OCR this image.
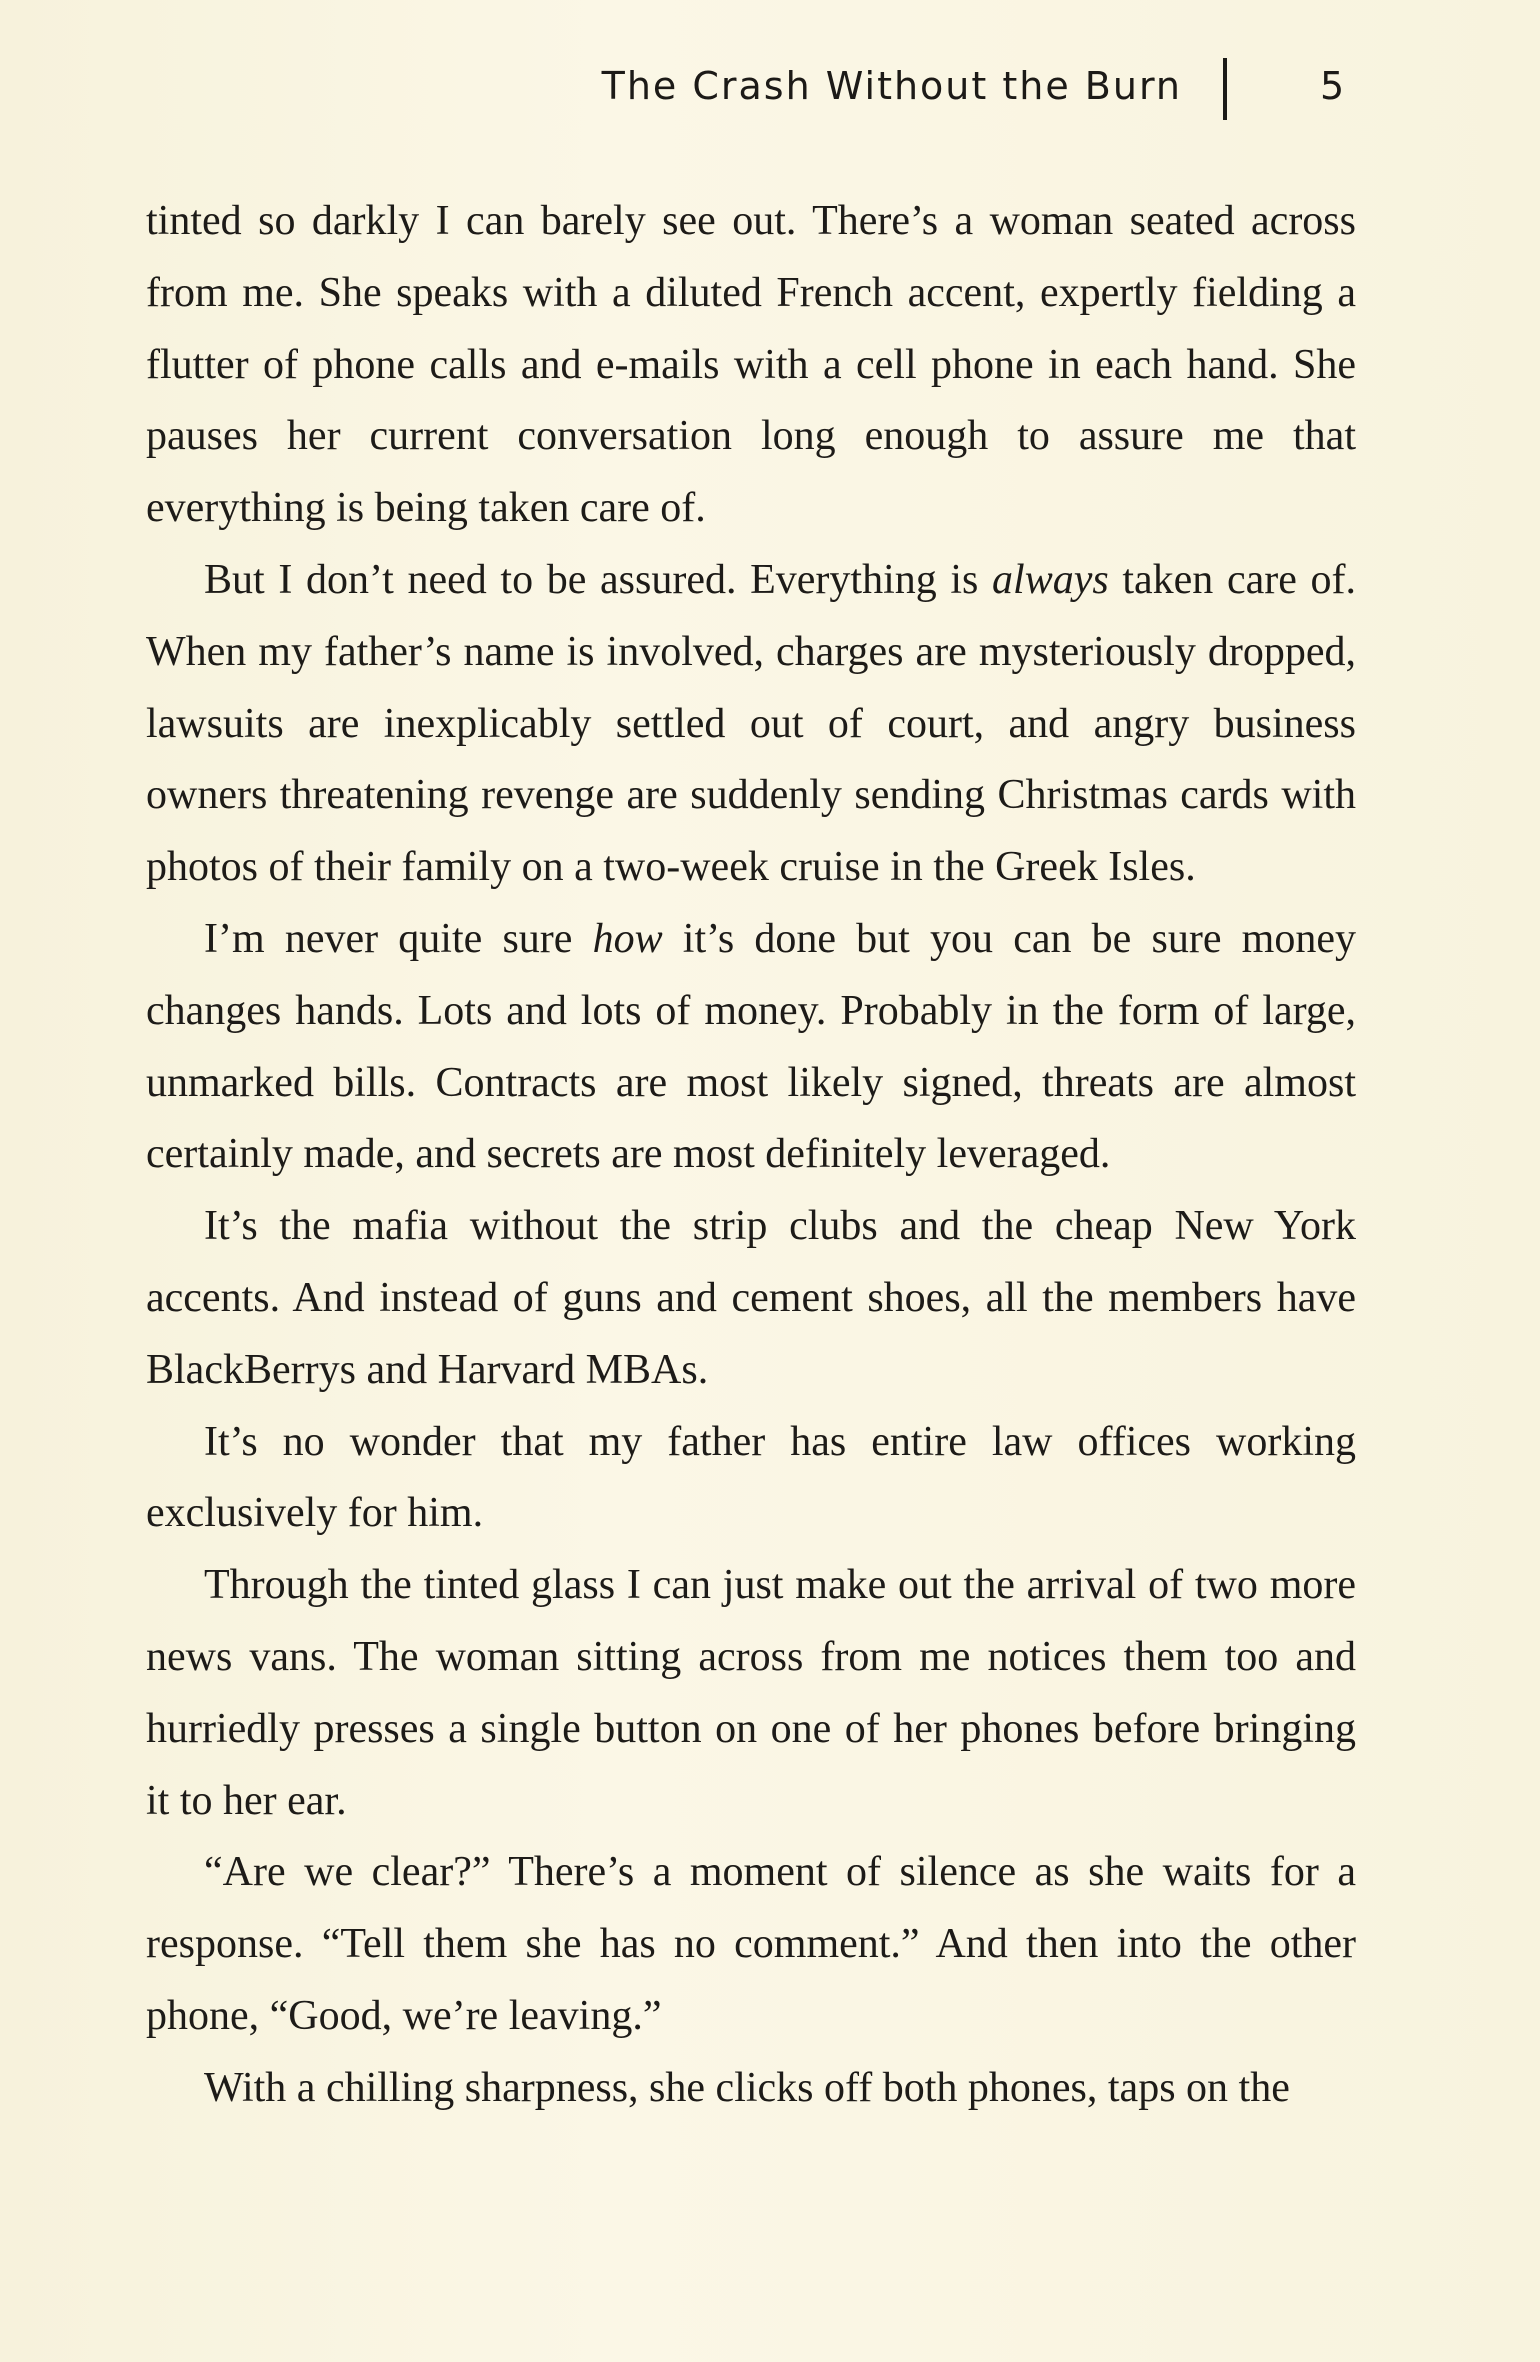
The Crash Without the Burn	5

tinted so darkly I can barely see out. There’s a woman seated across from me. She speaks with a diluted French accent, expertly fielding a flutter of phone calls and e-mails with a cell phone in each hand. She pauses her current conversation long enough to assure me that everything is being taken care of.

But I don’t need to be assured. Everything is always taken care of. When my father’s name is involved, charges are mysteriously dropped, lawsuits are inexplicably settled out of court, and angry business owners threatening revenge are suddenly sending Christmas cards with photos of their family on a two-week cruise in the Greek Isles.

I’m never quite sure how it’s done but you can be sure money changes hands. Lots and lots of money. Probably in the form of large, unmarked bills. Contracts are most likely signed, threats are almost certainly made, and secrets are most definitely leveraged.

It’s the mafia without the strip clubs and the cheap New York accents. And instead of guns and cement shoes, all the members have BlackBerrys and Harvard MBAs.

It’s no wonder that my father has entire law offices working exclusively for him.

Through the tinted glass I can just make out the arrival of two more news vans. The woman sitting across from me notices them too and hurriedly presses a single button on one of her phones before bringing it to her ear.

“Are we clear?” There’s a moment of silence as she waits for a response. “Tell them she has no comment.” And then into the other phone, “Good, we’re leaving.”

With a chilling sharpness, she clicks off both phones, taps on the
